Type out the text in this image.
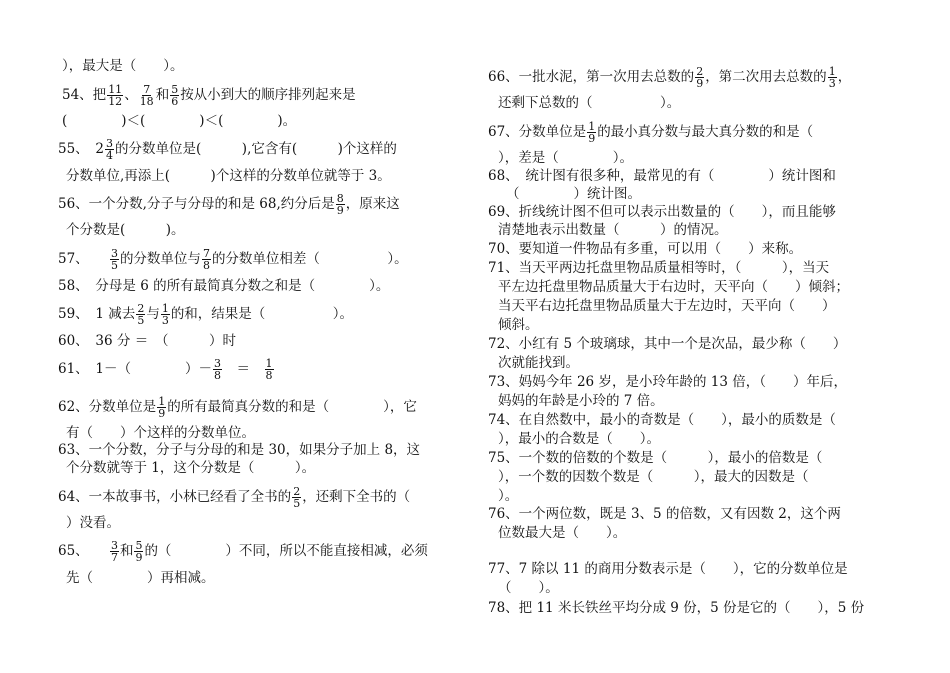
），最大是（　　）。
54、把 $\frac{11}{12}$ 、 $\frac{7}{18}$ 和 $\frac{5}{6}$ 按从小到大的顺序排列起来是
(　　　　)＜(　　　　)＜(　　　　)。
55、　$2 \frac{3}{4}$ 的分数单位是(　　　),它含有(　　　)个这样的
分数单位,再添上(　　　)个这样的分数单位就等于 3。
56、一个分数,分子与分母的和是 68,约分后是 $\frac{8}{9}$ ，原来这
个分数是(　　　)。
57、　　	$\frac{3}{5}$ 的分数单位与 $\frac{7}{8}$ 的分数单位相差（　　　　　）。
58、　分母是 6 的所有最简真分数之和是（　　　　）。
59、　1 减去 $\frac{2}{5}$ 与 $\frac{1}{3}$ 的和，结果是（　　　　　）。
60、　36 分 ＝　（　　　）时
61、　1－（　　　　）－ $\frac{3}{8}$
　 ＝　 $\frac{1}{8}$
62、分数单位是 $\frac{1}{9}$ 的所有最简真分数的和是（　　　　），它
有（　　）个这样的分数单位。
63、一个分数，分子与分母的和是 30，如果分子加上 8，这
个分数就等于 1，这个分数是（　　　）。
64、一本故事书，小林已经看了全书的 $\frac{2}{5}$ ，还剩下全书的（
）没看。
65、　　	$\frac{3}{7}$ 和 $\frac{5}{9}$ 的（　　　　）不同，所以不能直接相减，必须
先（　　　　）再相减。
66、一批水泥，第一次用去总数的 $\frac{2}{9}$ ，第二次用去总数的 $\frac{1}{3}$ ，
还剩下总数的（　　　　　）。
67、分数单位是 $\frac{1}{9}$ 的最小真分数与最大真分数的和是（
），差是（　　　　）。
68、　统计图有很多种，最常见的有（　　　　）统计图和
（　　　　）统计图。
69、折线统计图不但可以表示出数量的（　　），而且能够
清楚地表示出数量（　　　）的情况。
70、要知道一件物品有多重，可以用（　　）来称。
71、当天平两边托盘里物品质量相等时，（　　　），当天
平左边托盘里物品质量大于右边时，天平向（　　）倾斜；
当天平右边托盘里物品质量大于左边时，天平向（　　）
倾斜。
72、小红有 5 个玻璃球，其中一个是次品，最少称（　　）
次就能找到。
73、妈妈今年 26 岁，是小玲年龄的 13 倍，（　　）年后，
妈妈的年龄是小玲的 7 倍。
74、在自然数中，最小的奇数是（　　），最小的质数是（
），最小的合数是（　　）。
75、一个数的倍数的个数是（　　　），最小的倍数是（
），一个数的因数个数是（　　　），最大的因数是（
）。
76、一个两位数，既是 3、5 的倍数，又有因数 2，这个两
位数最大是（　　）。
77、7 除以 11 的商用分数表示是（　　），它的分数单位是
（　　）。
78、把 11 米长铁丝平均分成 9 份，5 份是它的（　　），5 份
